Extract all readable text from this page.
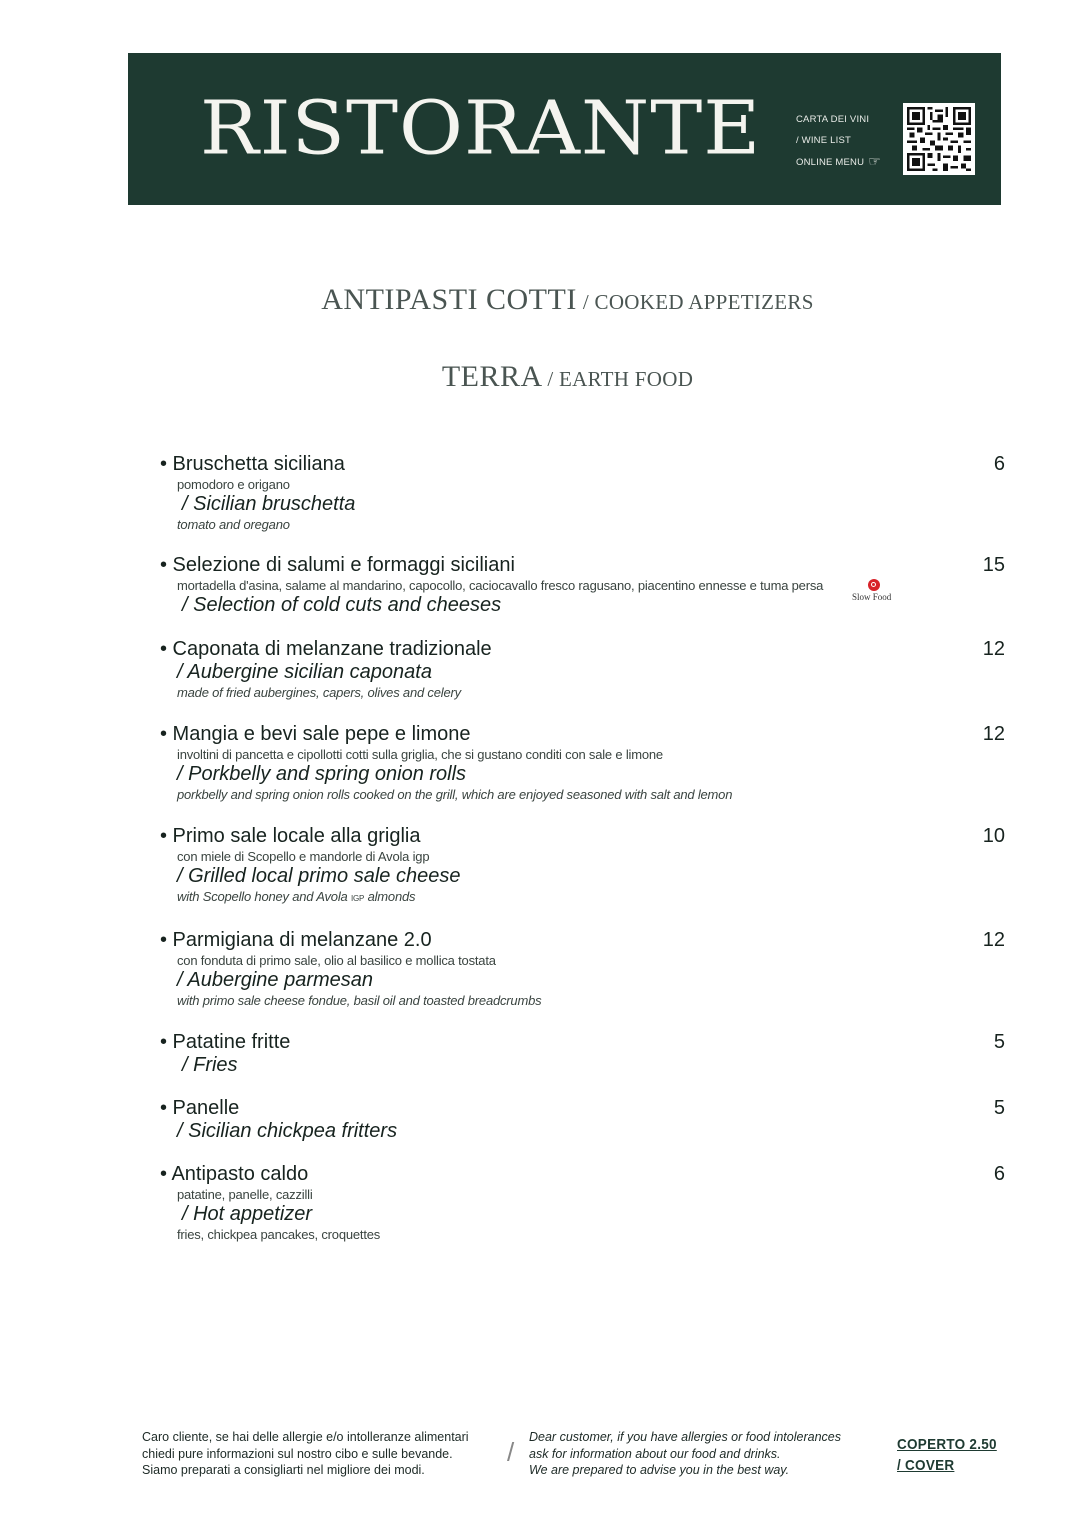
RISTORANTE	CARTA DEI VINI
/ WINE LIST
ONLINE MENU ☞
ANTIPASTI COTTI / COOKED APPETIZERS
TERRA / EARTH FOOD
• Bruschetta siciliana	6
pomodoro e origano
/ Sicilian bruschetta
tomato and oregano
• Selezione di salumi e formaggi siciliani	15
mortadella d'asina, salame al mandarino, capocollo, caciocavallo fresco ragusano, piacentino ennesse e tuma persa
/ Selection of cold cuts and cheeses	Slow Food
• Caponata di melanzane tradizionale	12
/ Aubergine sicilian caponata
made of fried aubergines, capers, olives and celery
• Mangia e bevi sale pepe e limone	12
involtini di pancetta e cipollotti cotti sulla griglia, che si gustano conditi con sale e limone
/ Porkbelly and spring onion rolls
porkbelly and spring onion rolls cooked on the grill, which are enjoyed seasoned with salt and lemon
• Primo sale locale alla griglia	10
con miele di Scopello e mandorle di Avola igp
/ Grilled local primo sale cheese
with Scopello honey and Avola IGP almonds
• Parmigiana di melanzane 2.0	12
con fonduta di primo sale, olio al basilico e mollica tostata
/ Aubergine parmesan
with primo sale cheese fondue, basil oil and toasted breadcrumbs
• Patatine fritte	5
/ Fries
• Panelle	5
/ Sicilian chickpea fritters
• Antipasto caldo	6
patatine, panelle, cazzilli
/ Hot appetizer
fries, chickpea pancakes, croquettes
Caro cliente, se hai delle allergie e/o intolleranze alimentari
chiedi pure informazioni sul nostro cibo e sulle bevande.
Siamo preparati a consigliarti nel migliore dei modi.
/ Dear customer, if you have allergies or food intolerances
ask for information about our food and drinks.
We are prepared to advise you in the best way.
COPERTO 2.50
/ COVER
